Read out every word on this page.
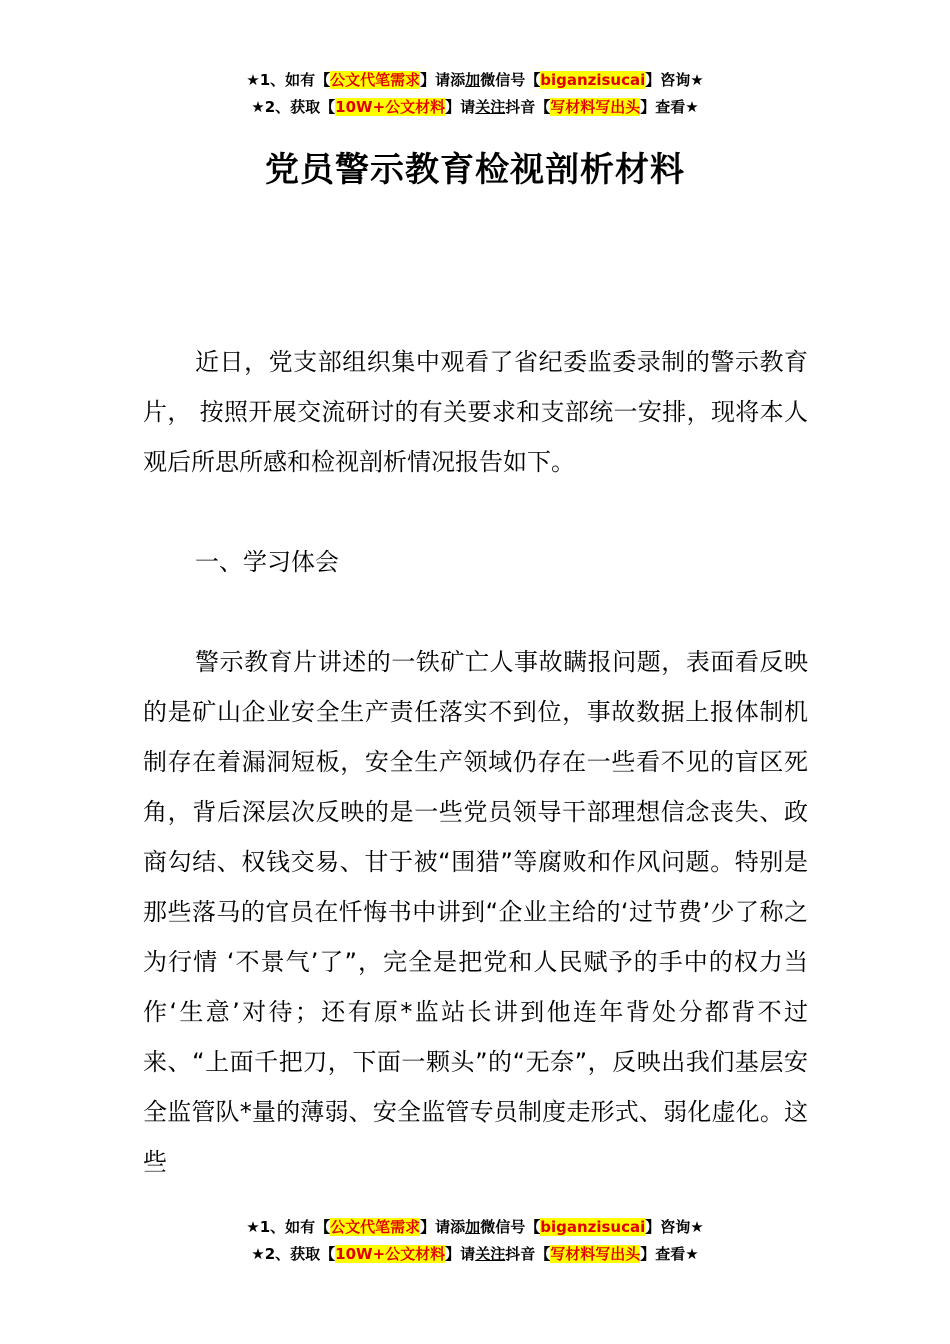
★1、如有【公文代笔需求】请添加微信号【biganzisucai】咨询★
★2、获取【10W+公文材料】请关注抖音【写材料写出头】查看★
党员警示教育检视剖析材料
近日，党支部组织集中观看了省纪委监委录制的警示教育片， 按照开展交流研讨的有关要求和支部统一安排，现将本人观后所思所感和检视剖析情况报告如下。
一、学习体会
警示教育片讲述的一铁矿亡人事故瞒报问题，表面看反映的是矿山企业安全生产责任落实不到位，事故数据上报体制机制存在着漏洞短板，安全生产领域仍存在一些看不见的盲区死角，背后深层次反映的是一些党员领导干部理想信念丧失、政商勾结、权钱交易、甘于被“围猎”等腐败和作风问题。特别是那些落马的官员在忏悔书中讲到“企业主给的‘过节费’少了称之为行情 ‘不景气’了”，完全是把党和人民赋予的手中的权力当作‘生意’对待；还有原*监站长讲到他连年背处分都背不过来、“上面千把刀，下面一颗头”的“无奈”，反映出我们基层安全监管队*量的薄弱、安全监管专员制度走形式、弱化虚化。这些
★1、如有【公文代笔需求】请添加微信号【biganzisucai】咨询★
★2、获取【10W+公文材料】请关注抖音【写材料写出头】查看★
